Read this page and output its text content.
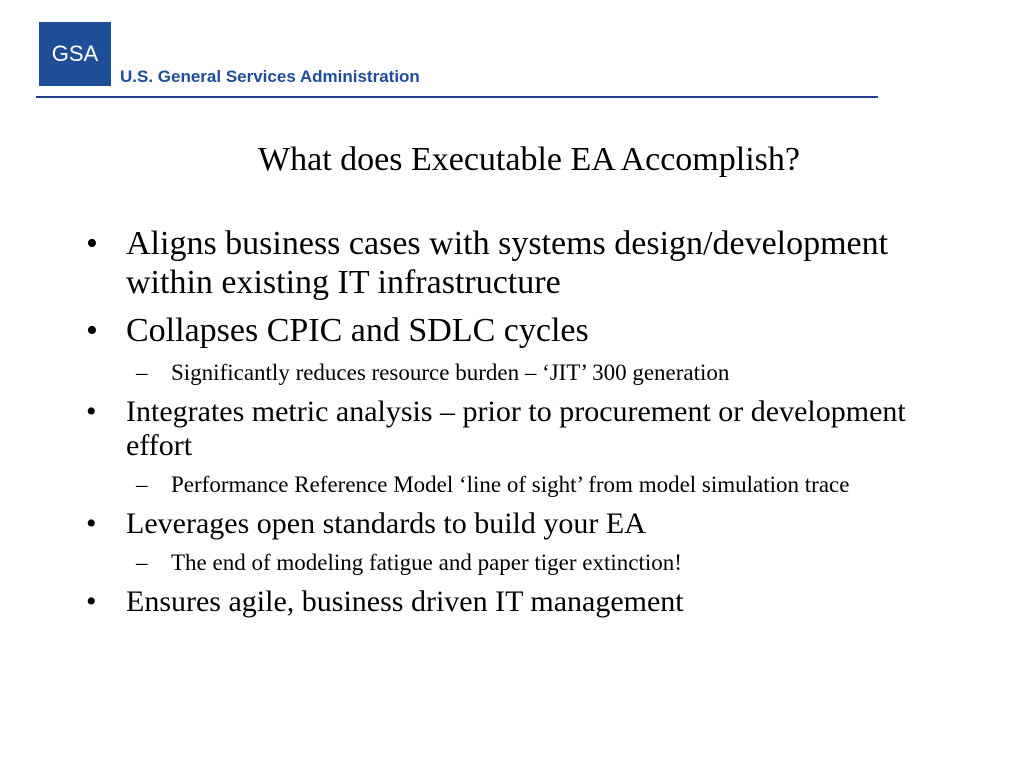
GSA
U.S. General Services Administration
What does Executable EA Accomplish?
• Aligns business cases with systems design/development within existing IT infrastructure
• Collapses CPIC and SDLC cycles
– Significantly reduces resource burden – ‘JIT’ 300 generation
• Integrates metric analysis – prior to procurement or development effort
– Performance Reference Model ‘line of sight’ from model simulation trace
• Leverages open standards to build your EA
– The end of modeling fatigue and paper tiger extinction!
• Ensures agile, business driven IT management
